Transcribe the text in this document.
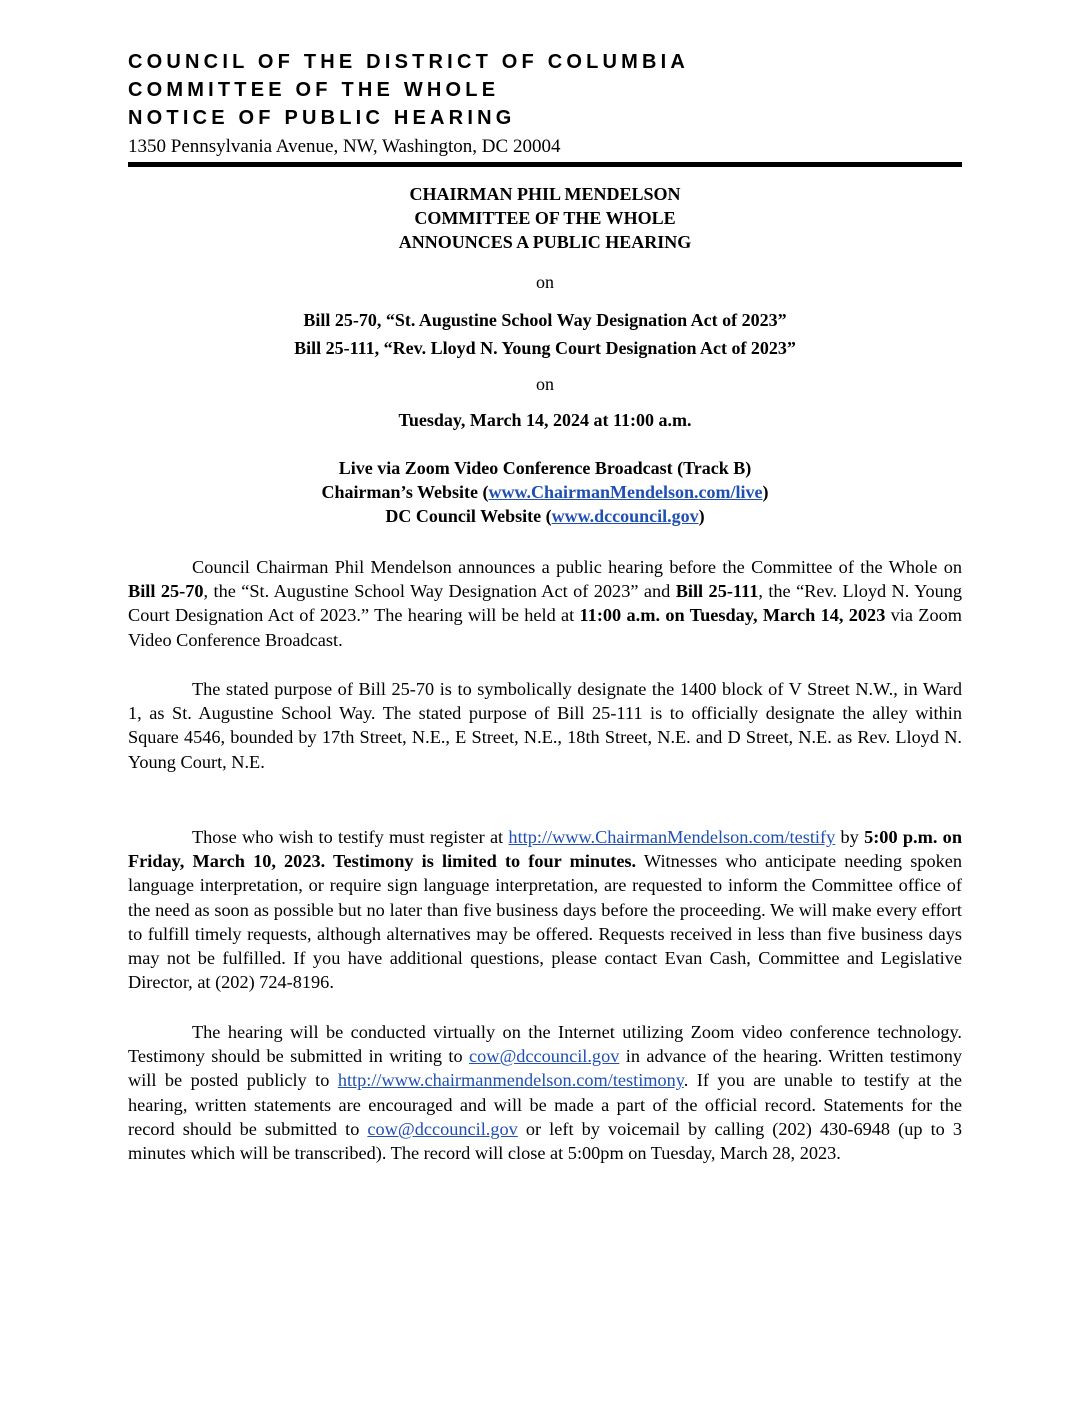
COUNCIL OF THE DISTRICT OF COLUMBIA
COMMITTEE OF THE WHOLE
NOTICE OF PUBLIC HEARING
1350 Pennsylvania Avenue, NW, Washington, DC 20004
CHAIRMAN PHIL MENDELSON
COMMITTEE OF THE WHOLE
ANNOUNCES A PUBLIC HEARING
on
Bill 25-70, “St. Augustine School Way Designation Act of 2023”
Bill 25-111, “Rev. Lloyd N. Young Court Designation Act of 2023”
on
Tuesday, March 14, 2024 at 11:00 a.m.
Live via Zoom Video Conference Broadcast (Track B)
Chairman’s Website (www.ChairmanMendelson.com/live)
DC Council Website (www.dccouncil.gov)

Council Chairman Phil Mendelson announces a public hearing before the Committee of the Whole on Bill 25-70, the “St. Augustine School Way Designation Act of 2023” and Bill 25-111, the “Rev. Lloyd N. Young Court Designation Act of 2023.” The hearing will be held at 11:00 a.m. on Tuesday, March 14, 2023 via Zoom Video Conference Broadcast.

The stated purpose of Bill 25-70 is to symbolically designate the 1400 block of V Street N.W., in Ward 1, as St. Augustine School Way. The stated purpose of Bill 25-111 is to officially designate the alley within Square 4546, bounded by 17th Street, N.E., E Street, N.E., 18th Street, N.E. and D Street, N.E. as Rev. Lloyd N. Young Court, N.E.

Those who wish to testify must register at http://www.ChairmanMendelson.com/testify by 5:00 p.m. on Friday, March 10, 2023. Testimony is limited to four minutes. Witnesses who anticipate needing spoken language interpretation, or require sign language interpretation, are requested to inform the Committee office of the need as soon as possible but no later than five business days before the proceeding. We will make every effort to fulfill timely requests, although alternatives may be offered. Requests received in less than five business days may not be fulfilled. If you have additional questions, please contact Evan Cash, Committee and Legislative Director, at (202) 724-8196.

The hearing will be conducted virtually on the Internet utilizing Zoom video conference technology. Testimony should be submitted in writing to cow@dccouncil.gov in advance of the hearing. Written testimony will be posted publicly to http://www.chairmanmendelson.com/testimony. If you are unable to testify at the hearing, written statements are encouraged and will be made a part of the official record. Statements for the record should be submitted to cow@dccouncil.gov or left by voicemail by calling (202) 430-6948 (up to 3 minutes which will be transcribed). The record will close at 5:00pm on Tuesday, March 28, 2023.
